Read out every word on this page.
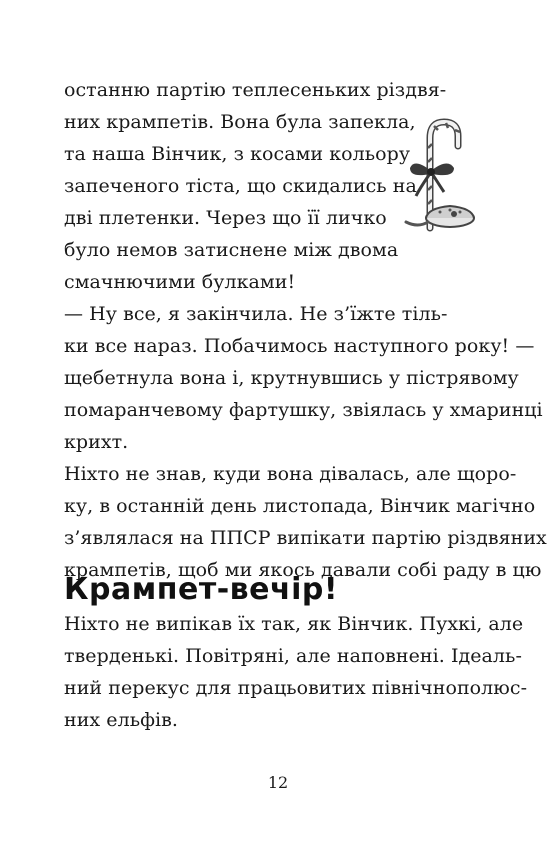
останню партію теплесеньких різдвя-
них крампетів. Вона була запекла,
та наша Вінчик, з косами кольору
запеченого тіста, що скидались на
дві плетенки. Через що її личко
було немов затиснене між двома
смачнючими булками!
— Ну все, я закінчила. Не з’їжте тіль-
ки все нараз. Побачимось наступного року! —
щебетнула вона і, крутнувшись у пістрявому
помаранчевому фартушку, звіялась у хмаринці
крихт.
Ніхто не знав, куди вона дівалась, але щоро-
ку, в останній день листопада, Вінчик магічно
з’являлася на ППСР випікати партію різдвяних
крампетів, щоб ми якось давали собі раду в цю
Крампет-вечір!
Ніхто не випікав їх так, як Вінчик. Пухкі, але
тверденькі. Повітряні, але наповнені. Ідеаль-
ний перекус для працьовитих північнополюс-
них ельфів.
12
